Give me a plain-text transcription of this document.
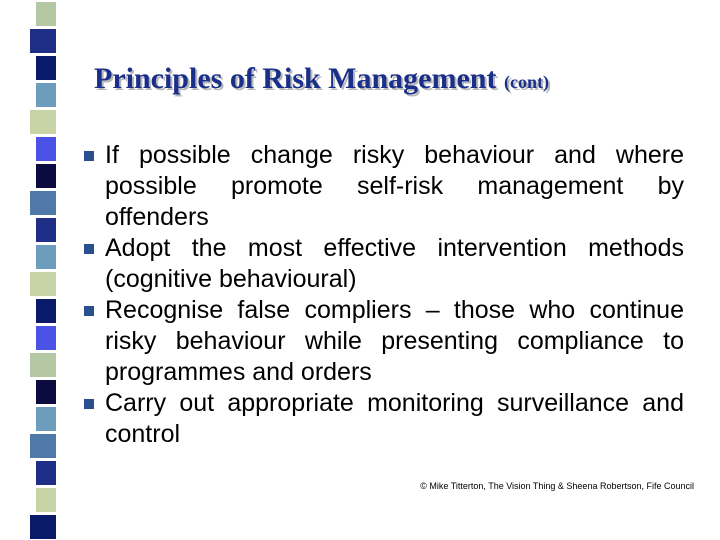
Principles of Risk Management (cont)
If possible change risky behaviour and where possible promote self-risk management by offenders
Adopt the most effective intervention methods (cognitive behavioural)
Recognise false compliers – those who continue risky behaviour while presenting compliance to programmes and orders
Carry out appropriate monitoring surveillance and control
© Mike Titterton, The Vision Thing & Sheena Robertson, Fife Council
